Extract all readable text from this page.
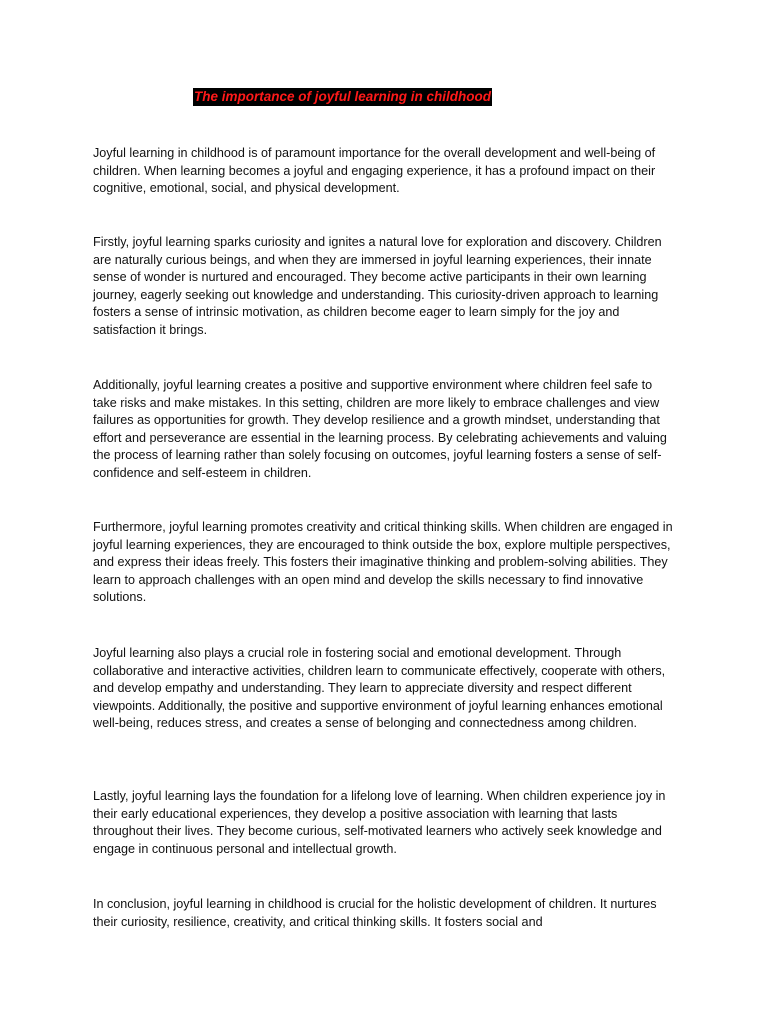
The importance of joyful learning in childhood

Joyful learning in childhood is of paramount importance for the overall development and well-being of children. When learning becomes a joyful and engaging experience, it has a profound impact on their cognitive, emotional, social, and physical development.

Firstly, joyful learning sparks curiosity and ignites a natural love for exploration and discovery. Children are naturally curious beings, and when they are immersed in joyful learning experiences, their innate sense of wonder is nurtured and encouraged. They become active participants in their own learning journey, eagerly seeking out knowledge and understanding. This curiosity-driven approach to learning fosters a sense of intrinsic motivation, as children become eager to learn simply for the joy and satisfaction it brings.

Additionally, joyful learning creates a positive and supportive environment where children feel safe to take risks and make mistakes. In this setting, children are more likely to embrace challenges and view failures as opportunities for growth. They develop resilience and a growth mindset, understanding that effort and perseverance are essential in the learning process. By celebrating achievements and valuing the process of learning rather than solely focusing on outcomes, joyful learning fosters a sense of self-confidence and self-esteem in children.

Furthermore, joyful learning promotes creativity and critical thinking skills. When children are engaged in joyful learning experiences, they are encouraged to think outside the box, explore multiple perspectives, and express their ideas freely. This fosters their imaginative thinking and problem-solving abilities. They learn to approach challenges with an open mind and develop the skills necessary to find innovative solutions.

Joyful learning also plays a crucial role in fostering social and emotional development. Through collaborative and interactive activities, children learn to communicate effectively, cooperate with others, and develop empathy and understanding. They learn to appreciate diversity and respect different viewpoints. Additionally, the positive and supportive environment of joyful learning enhances emotional well-being, reduces stress, and creates a sense of belonging and connectedness among children.

Lastly, joyful learning lays the foundation for a lifelong love of learning. When children experience joy in their early educational experiences, they develop a positive association with learning that lasts throughout their lives. They become curious, self-motivated learners who actively seek knowledge and engage in continuous personal and intellectual growth.

In conclusion, joyful learning in childhood is crucial for the holistic development of children. It nurtures their curiosity, resilience, creativity, and critical thinking skills. It fosters social and
